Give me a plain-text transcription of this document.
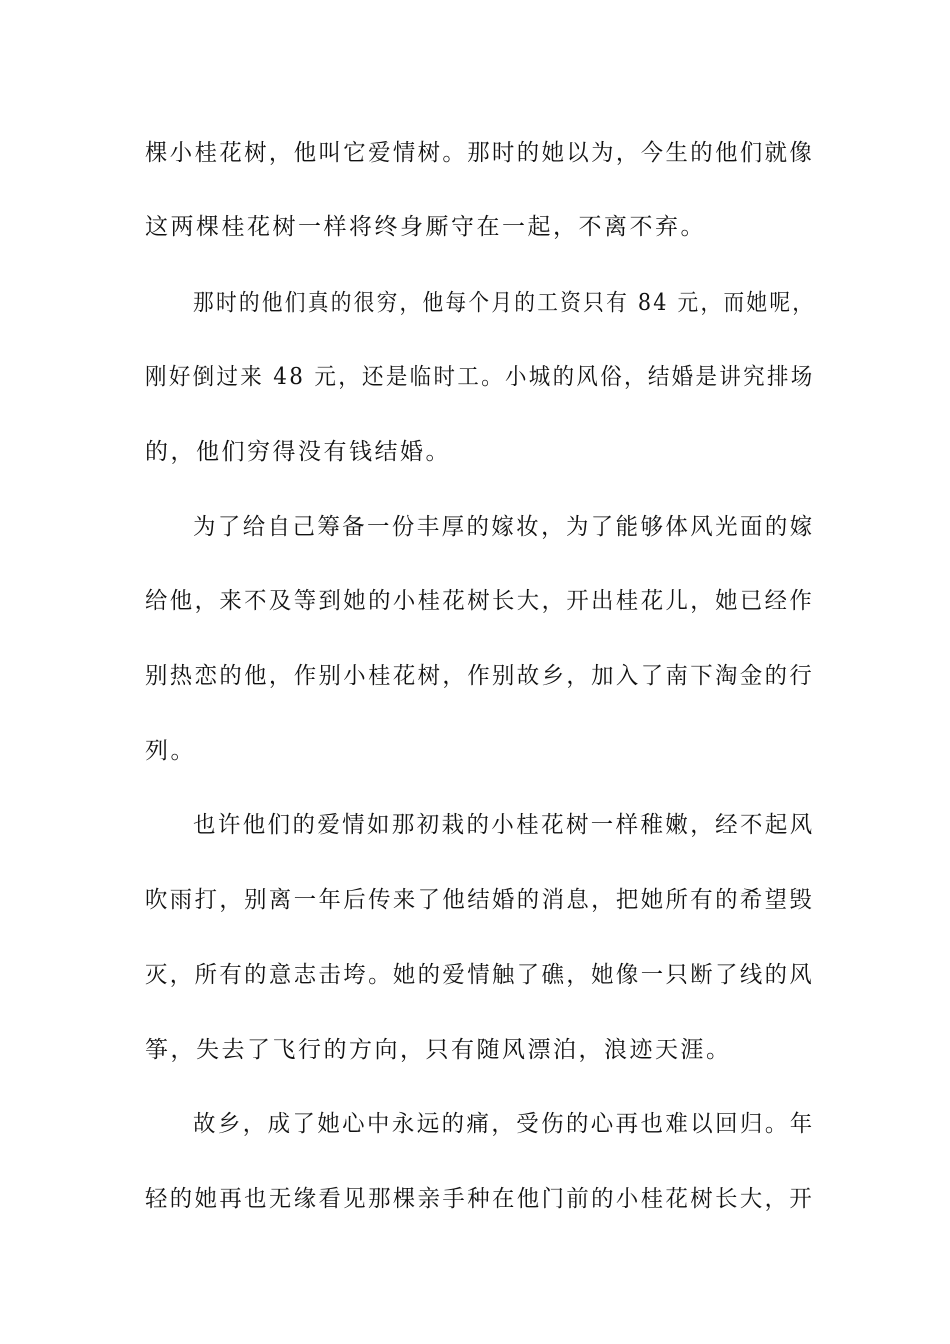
棵小桂花树，他叫它爱情树。那时的她以为，今生的他们就像

这两棵桂花树一样将终身厮守在一起，不离不弃。

那时的他们真的很穷，他每个月的工资只有 84 元，而她呢，

刚好倒过来 48 元，还是临时工。小城的风俗，结婚是讲究排场

的，他们穷得没有钱结婚。

为了给自己筹备一份丰厚的嫁妆，为了能够体风光面的嫁

给他，来不及等到她的小桂花树长大，开出桂花儿，她已经作

别热恋的他，作别小桂花树，作别故乡，加入了南下淘金的行

列。

也许他们的爱情如那初栽的小桂花树一样稚嫩，经不起风

吹雨打，别离一年后传来了他结婚的消息，把她所有的希望毁

灭，所有的意志击垮。她的爱情触了礁，她像一只断了线的风

筝，失去了飞行的方向，只有随风漂泊，浪迹天涯。

故乡，成了她心中永远的痛，受伤的心再也难以回归。年

轻的她再也无缘看见那棵亲手种在他门前的小桂花树长大，开
